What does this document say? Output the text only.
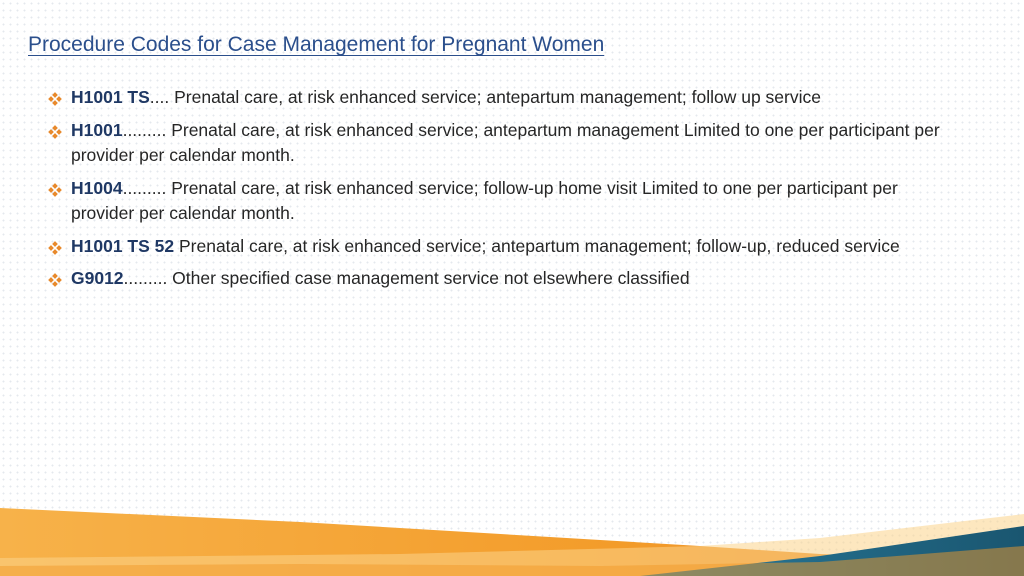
Procedure Codes for Case Management for Pregnant Women
H1001 TS.... Prenatal care, at risk enhanced service; antepartum management; follow up service
H1001......... Prenatal care, at risk enhanced service; antepartum management Limited to one per participant per provider per calendar month.
H1004......... Prenatal care, at risk enhanced service; follow-up home visit Limited to one per participant per provider per calendar month.
H1001 TS 52 Prenatal care, at risk enhanced service; antepartum management; follow-up, reduced service
G9012......... Other specified case management service not elsewhere classified
